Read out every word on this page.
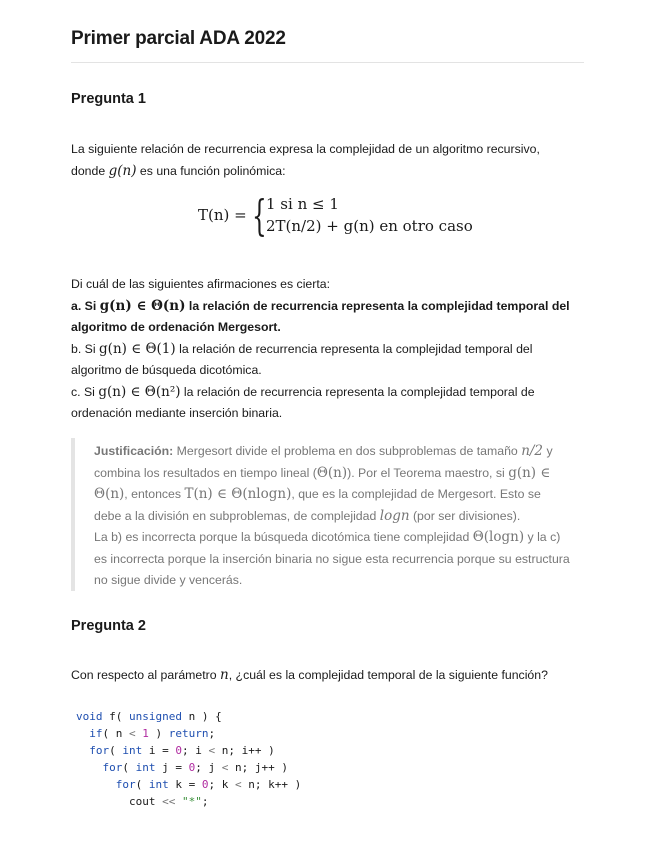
Primer parcial ADA 2022
Pregunta 1
La siguiente relación de recurrencia expresa la complejidad de un algoritmo recursivo,
donde g(n) es una función polinómica:
T(n) = { 1 si n ≤ 1
2T(n/2) + g(n) en otro caso
Di cuál de las siguientes afirmaciones es cierta:
a. Si g(n) ∈ Θ(n) la relación de recurrencia representa la complejidad temporal del
algoritmo de ordenación Mergesort.
b. Si g(n) ∈ Θ(1) la relación de recurrencia representa la complejidad temporal del
algoritmo de búsqueda dicotómica.
c. Si g(n) ∈ Θ(n²) la relación de recurrencia representa la complejidad temporal de
ordenación mediante inserción binaria.
Justificación: Mergesort divide el problema en dos subproblemas de tamaño n/2 y
combina los resultados en tiempo lineal (Θ(n)). Por el Teorema maestro, si g(n) ∈
Θ(n), entonces T(n) ∈ Θ(nlogn), que es la complejidad de Mergesort. Esto se
debe a la división en subproblemas, de complejidad logn (por ser divisiones).
La b) es incorrecta porque la búsqueda dicotómica tiene complejidad Θ(logn) y la c)
es incorrecta porque la inserción binaria no sigue esta recurrencia porque su estructura
no sigue divide y vencerás.
Pregunta 2
Con respecto al parámetro n, ¿cuál es la complejidad temporal de la siguiente función?
void f( unsigned n ) {
if( n < 1 ) return;
for( int i = 0; i < n; i++ )
for( int j = 0; j < n; j++ )
for( int k = 0; k < n; k++ )
cout << "*";
